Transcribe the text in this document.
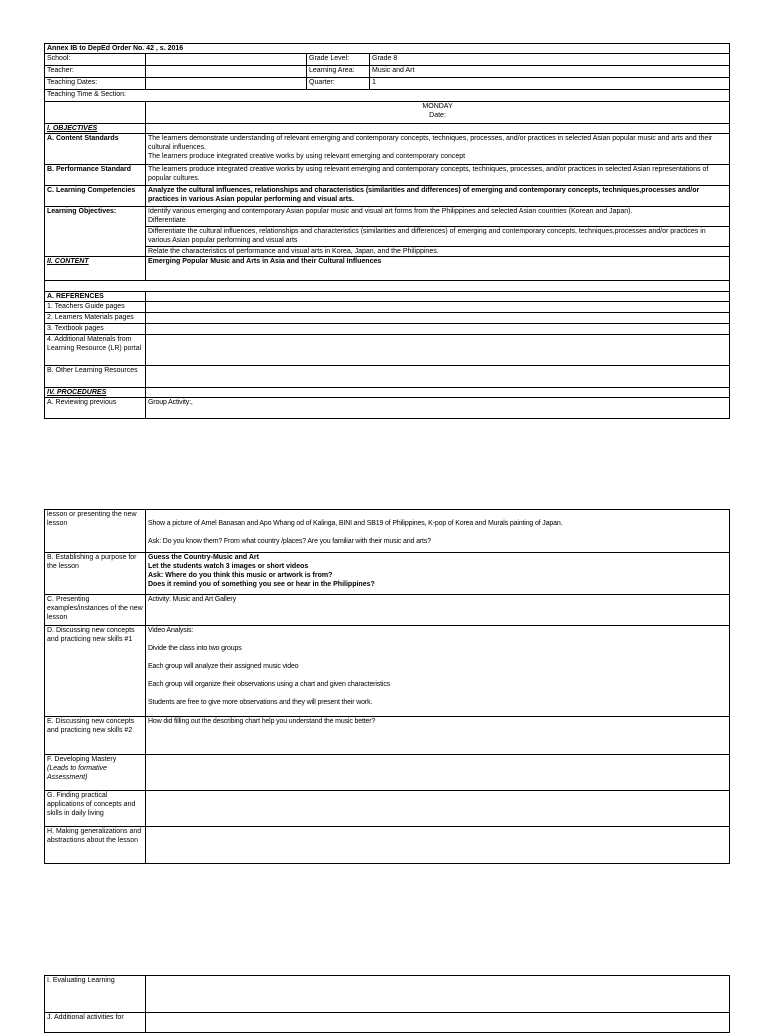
Annex IB to DepEd Order No. 42 , s. 2016			
School:		Grade Level:	Grade 8
Teacher:		Learning Area:	Music and Art
Teaching Dates:		Quarter:	1
Teaching Time & Section:			

	MONDAY
Date:		

I. OBJECTIVES			
A. Content Standards	The learners demonstrate understanding of relevant emerging and contemporary concepts, techniques, processes, and/or practices in selected Asian popular music and arts and their cultural influences.
The learners produce integrated creative works by using relevant emerging and contemporary concept		

B. Performance Standard	The learners produce integrated creative works by using relevant emerging and contemporary concepts, techniques, processes, and/or practices in selected Asian representations of popular cultures.		
C. Learning Competencies	Analyze the cultural influences, relationships and characteristics (similarities and differences) of emerging and contemporary concepts, techniques,processes and/or practices in various Asian popular performing and visual arts.		
Learning Objectives:	Identify various emerging and contemporary Asian popular music and visual art forms from the Philippines and selected Asian countries (Korean and Japan).
Differentiate		

	Differentiate the cultural influences, relationships and characteristics (similarities and differences) of emerging and contemporary concepts, techniques,processes and/or practices in various Asian popular performing and visual arts		
	Relate the characteristics of performance and visual arts in Korea, Japan, and the Philippines.		
II. CONTENT	Emerging Popular Music and Arts in Asia and their Cultural Influences		

A. REFERENCES			
1. Teachers Guide pages			
2. Learners Materials pages			
3. Textbook pages			
4. Additional Materials from Learning Resource (LR) portal			
B. Other Learning Resources			
IV. PROCEDURES			
A. Reviewing previous	Group Activity:,		
lesson or presenting the new lesson	Show a picture of Arnel Banasan and Apo Whang od of Kalinga, BINI and SB19 of Philippines, K-pop of Korea and Murals painting of Japan.
Ask: Do you know them? From what country /places? Are you familiar with their music and arts?

B. Establishing a purpose for the lesson	Guess the Country-Music and Art
Let the students watch 3 images or short videos
Ask: Where do you think this music or artwork is from?
Does it remind you of something you see or hear in the Philippines?

C. Presenting examples/instances of the new lesson	Activity: Music and Art Gallery
D. Discussing new concepts and practicing new skills #1	Video Analysis:
Divide the class into two groups
Each group will analyze their assigned music video
Each group will organize their observations using a chart and given characteristics
Students are free to give more observations and they will present their work.

E. Discussing new concepts and practicing new skills #2	How did filling out the describing chart help you understand the music better?

F. Developing Mastery
(Leads to formative Assessment)	

G. Finding practical applications of concepts and skills in daily living	
H. Making generalizations and abstractions about the lesson	
I. Evaluating Learning	
J. Additional activities for	
